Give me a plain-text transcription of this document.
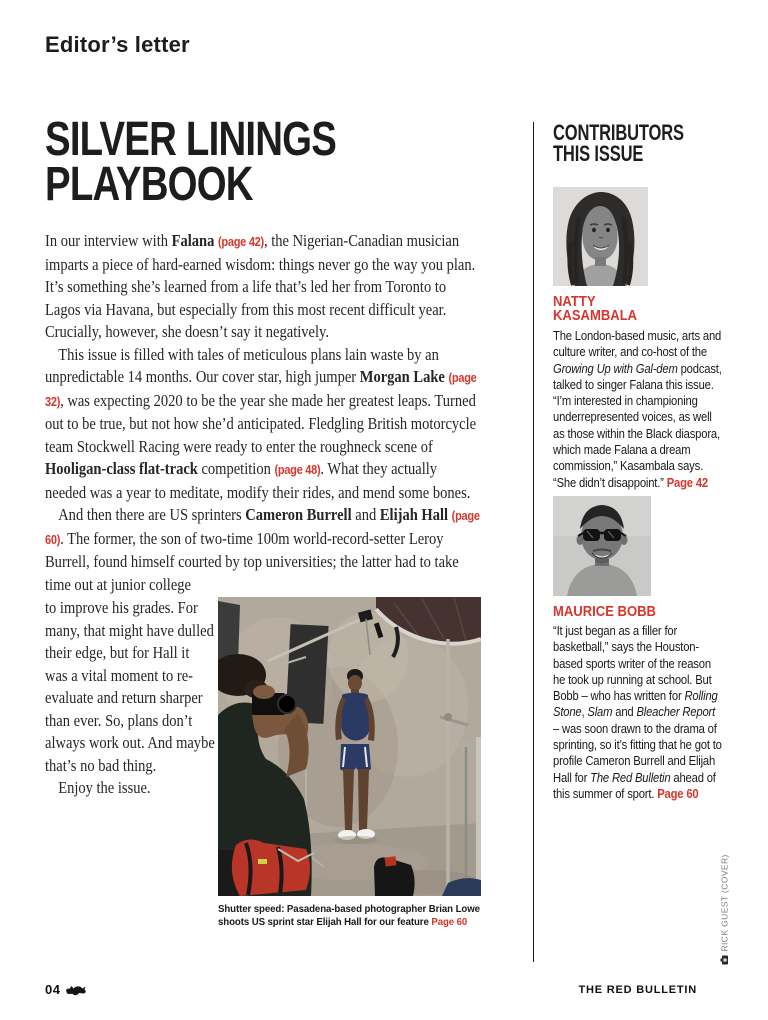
Editor’s letter
SILVER LININGS
PLAYBOOK

In our interview with Falana (page 42), the Nigerian-Canadian musician imparts a piece of hard-earned wisdom: things never go the way you plan. It’s something she’s learned from a life that’s led her from Toronto to Lagos via Havana, but especially from this most recent difficult year. Crucially, however, she doesn’t say it negatively.

This issue is filled with tales of meticulous plans lain waste by an unpredictable 14 months. Our cover star, high jumper Morgan Lake (page 32), was expecting 2020 to be the year she made her greatest leaps. Turned out to be true, but not how she’d anticipated. Fledgling British motorcycle team Stockwell Racing were ready to enter the roughneck scene of Hooligan-class flat-track competition (page 48). What they actually needed was a year to meditate, modify their rides, and mend some bones.

And then there are US sprinters Cameron Burrell and Elijah Hall (page 60). The former, the son of two-time 100m world-record-setter Leroy Burrell, found himself courted by top universities; the latter had to take time out at junior college

to improve his grades. For many, that might have dulled their edge, but for Hall it was a vital moment to re-evaluate and return sharper than ever. So, plans don’t always work out. And maybe that’s no bad thing.

Enjoy the issue.

Shutter speed: Pasadena-based photographer Brian Lowe shoots US sprint star Elijah Hall for our feature Page 60
CONTRIBUTORS
THIS ISSUE
NATTY
KASAMBALA
The London-based music, arts and culture writer, and co-host of the Growing Up with Gal-dem podcast, talked to singer Falana this issue. “I’m interested in championing underrepresented voices, as well as those within the Black diaspora, which made Falana a dream commission,” Kasambala says. “She didn’t disappoint.” Page 42
MAURICE BOBB
“It just began as a filler for basketball,” says the Houston-based sports writer of the reason he took up running at school. But Bobb – who has written for Rolling Stone, Slam and Bleacher Report – was soon drawn to the drama of sprinting, so it’s fitting that he got to profile Cameron Burrell and Elijah Hall for The Red Bulletin ahead of this summer of sport. Page 60
04	THE RED BULLETIN
RICK GUEST (COVER)
